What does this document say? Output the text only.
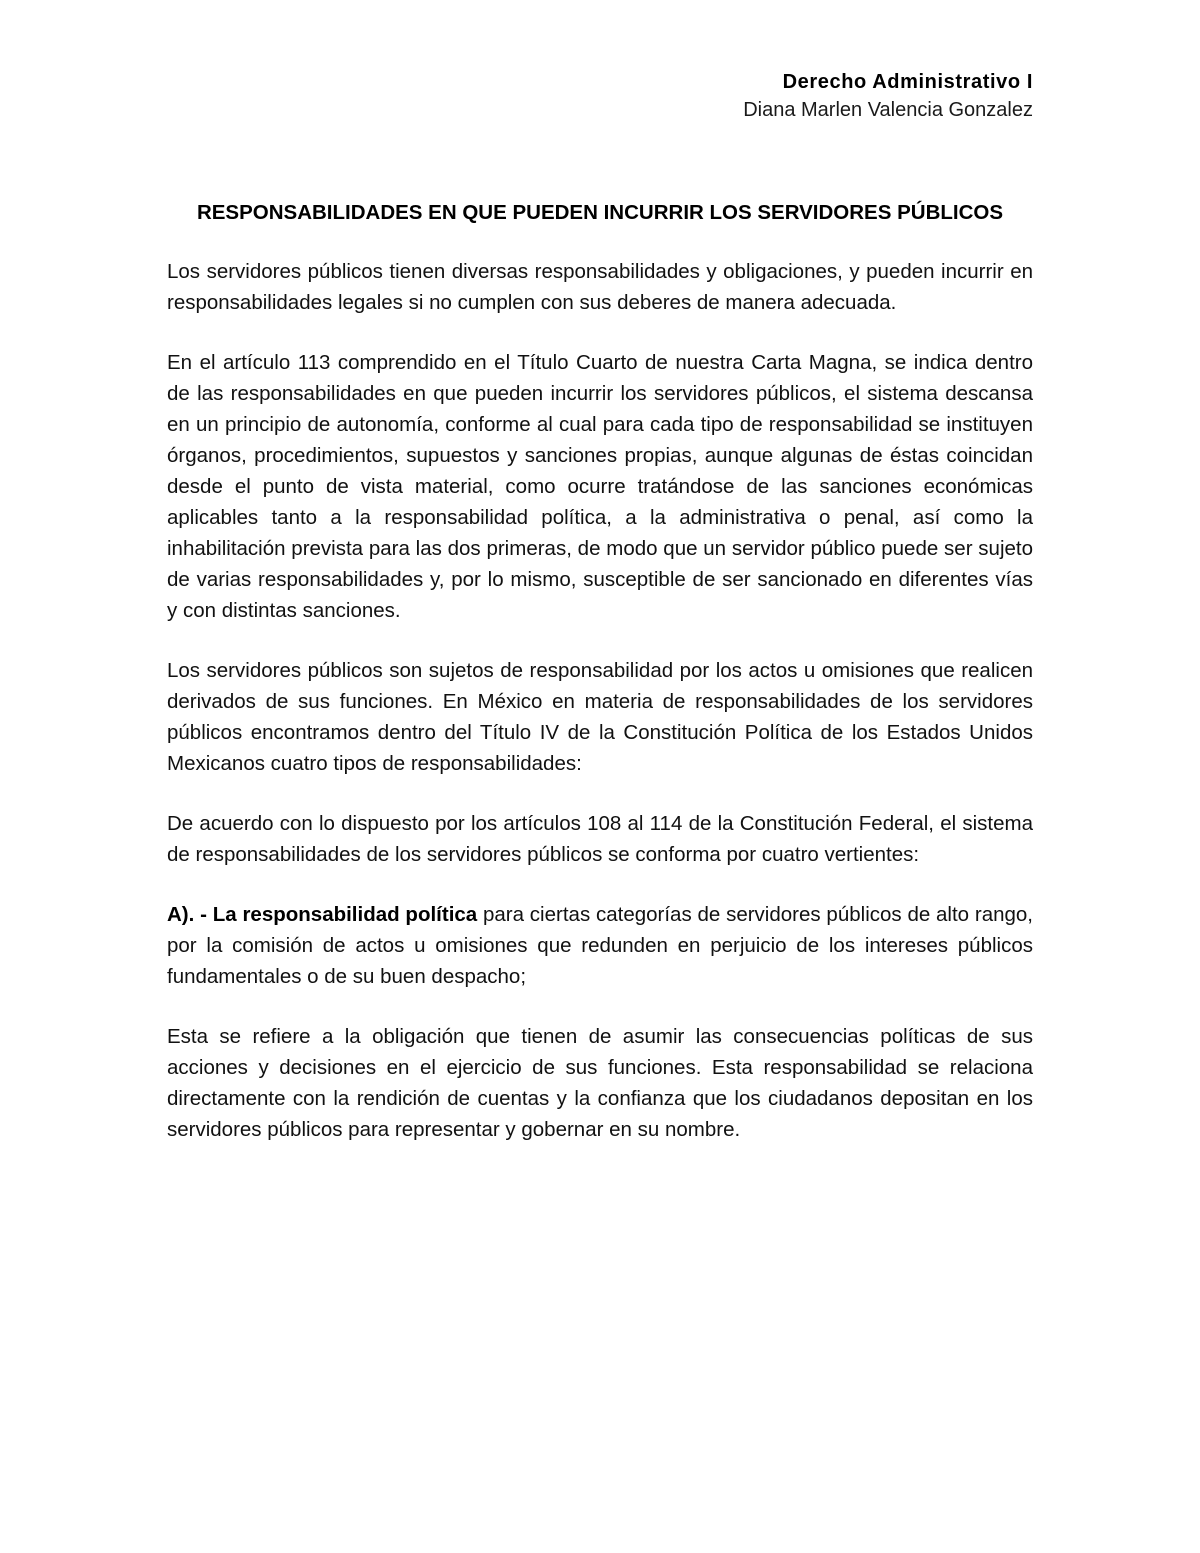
Derecho Administrativo I
Diana Marlen Valencia Gonzalez
RESPONSABILIDADES EN QUE PUEDEN INCURRIR LOS SERVIDORES PÚBLICOS

Los servidores públicos tienen diversas responsabilidades y obligaciones, y pueden incurrir en responsabilidades legales si no cumplen con sus deberes de manera adecuada.

En el artículo 113 comprendido en el Título Cuarto de nuestra Carta Magna, se indica dentro de las responsabilidades en que pueden incurrir los servidores públicos, el sistema descansa en un principio de autonomía, conforme al cual para cada tipo de responsabilidad se instituyen órganos, procedimientos, supuestos y sanciones propias, aunque algunas de éstas coincidan desde el punto de vista material, como ocurre tratándose de las sanciones económicas aplicables tanto a la responsabilidad política, a la administrativa o penal, así como la inhabilitación prevista para las dos primeras, de modo que un servidor público puede ser sujeto de varias responsabilidades y, por lo mismo, susceptible de ser sancionado en diferentes vías y con distintas sanciones.

Los servidores públicos son sujetos de responsabilidad por los actos u omisiones que realicen derivados de sus funciones. En México en materia de responsabilidades de los servidores públicos encontramos dentro del Título IV de la Constitución Política de los Estados Unidos Mexicanos cuatro tipos de responsabilidades:

De acuerdo con lo dispuesto por los artículos 108 al 114 de la Constitución Federal, el sistema de responsabilidades de los servidores públicos se conforma por cuatro vertientes:

A). - La responsabilidad política para ciertas categorías de servidores públicos de alto rango, por la comisión de actos u omisiones que redunden en perjuicio de los intereses públicos fundamentales o de su buen despacho;

Esta se refiere a la obligación que tienen de asumir las consecuencias políticas de sus acciones y decisiones en el ejercicio de sus funciones. Esta responsabilidad se relaciona directamente con la rendición de cuentas y la confianza que los ciudadanos depositan en los servidores públicos para representar y gobernar en su nombre.
